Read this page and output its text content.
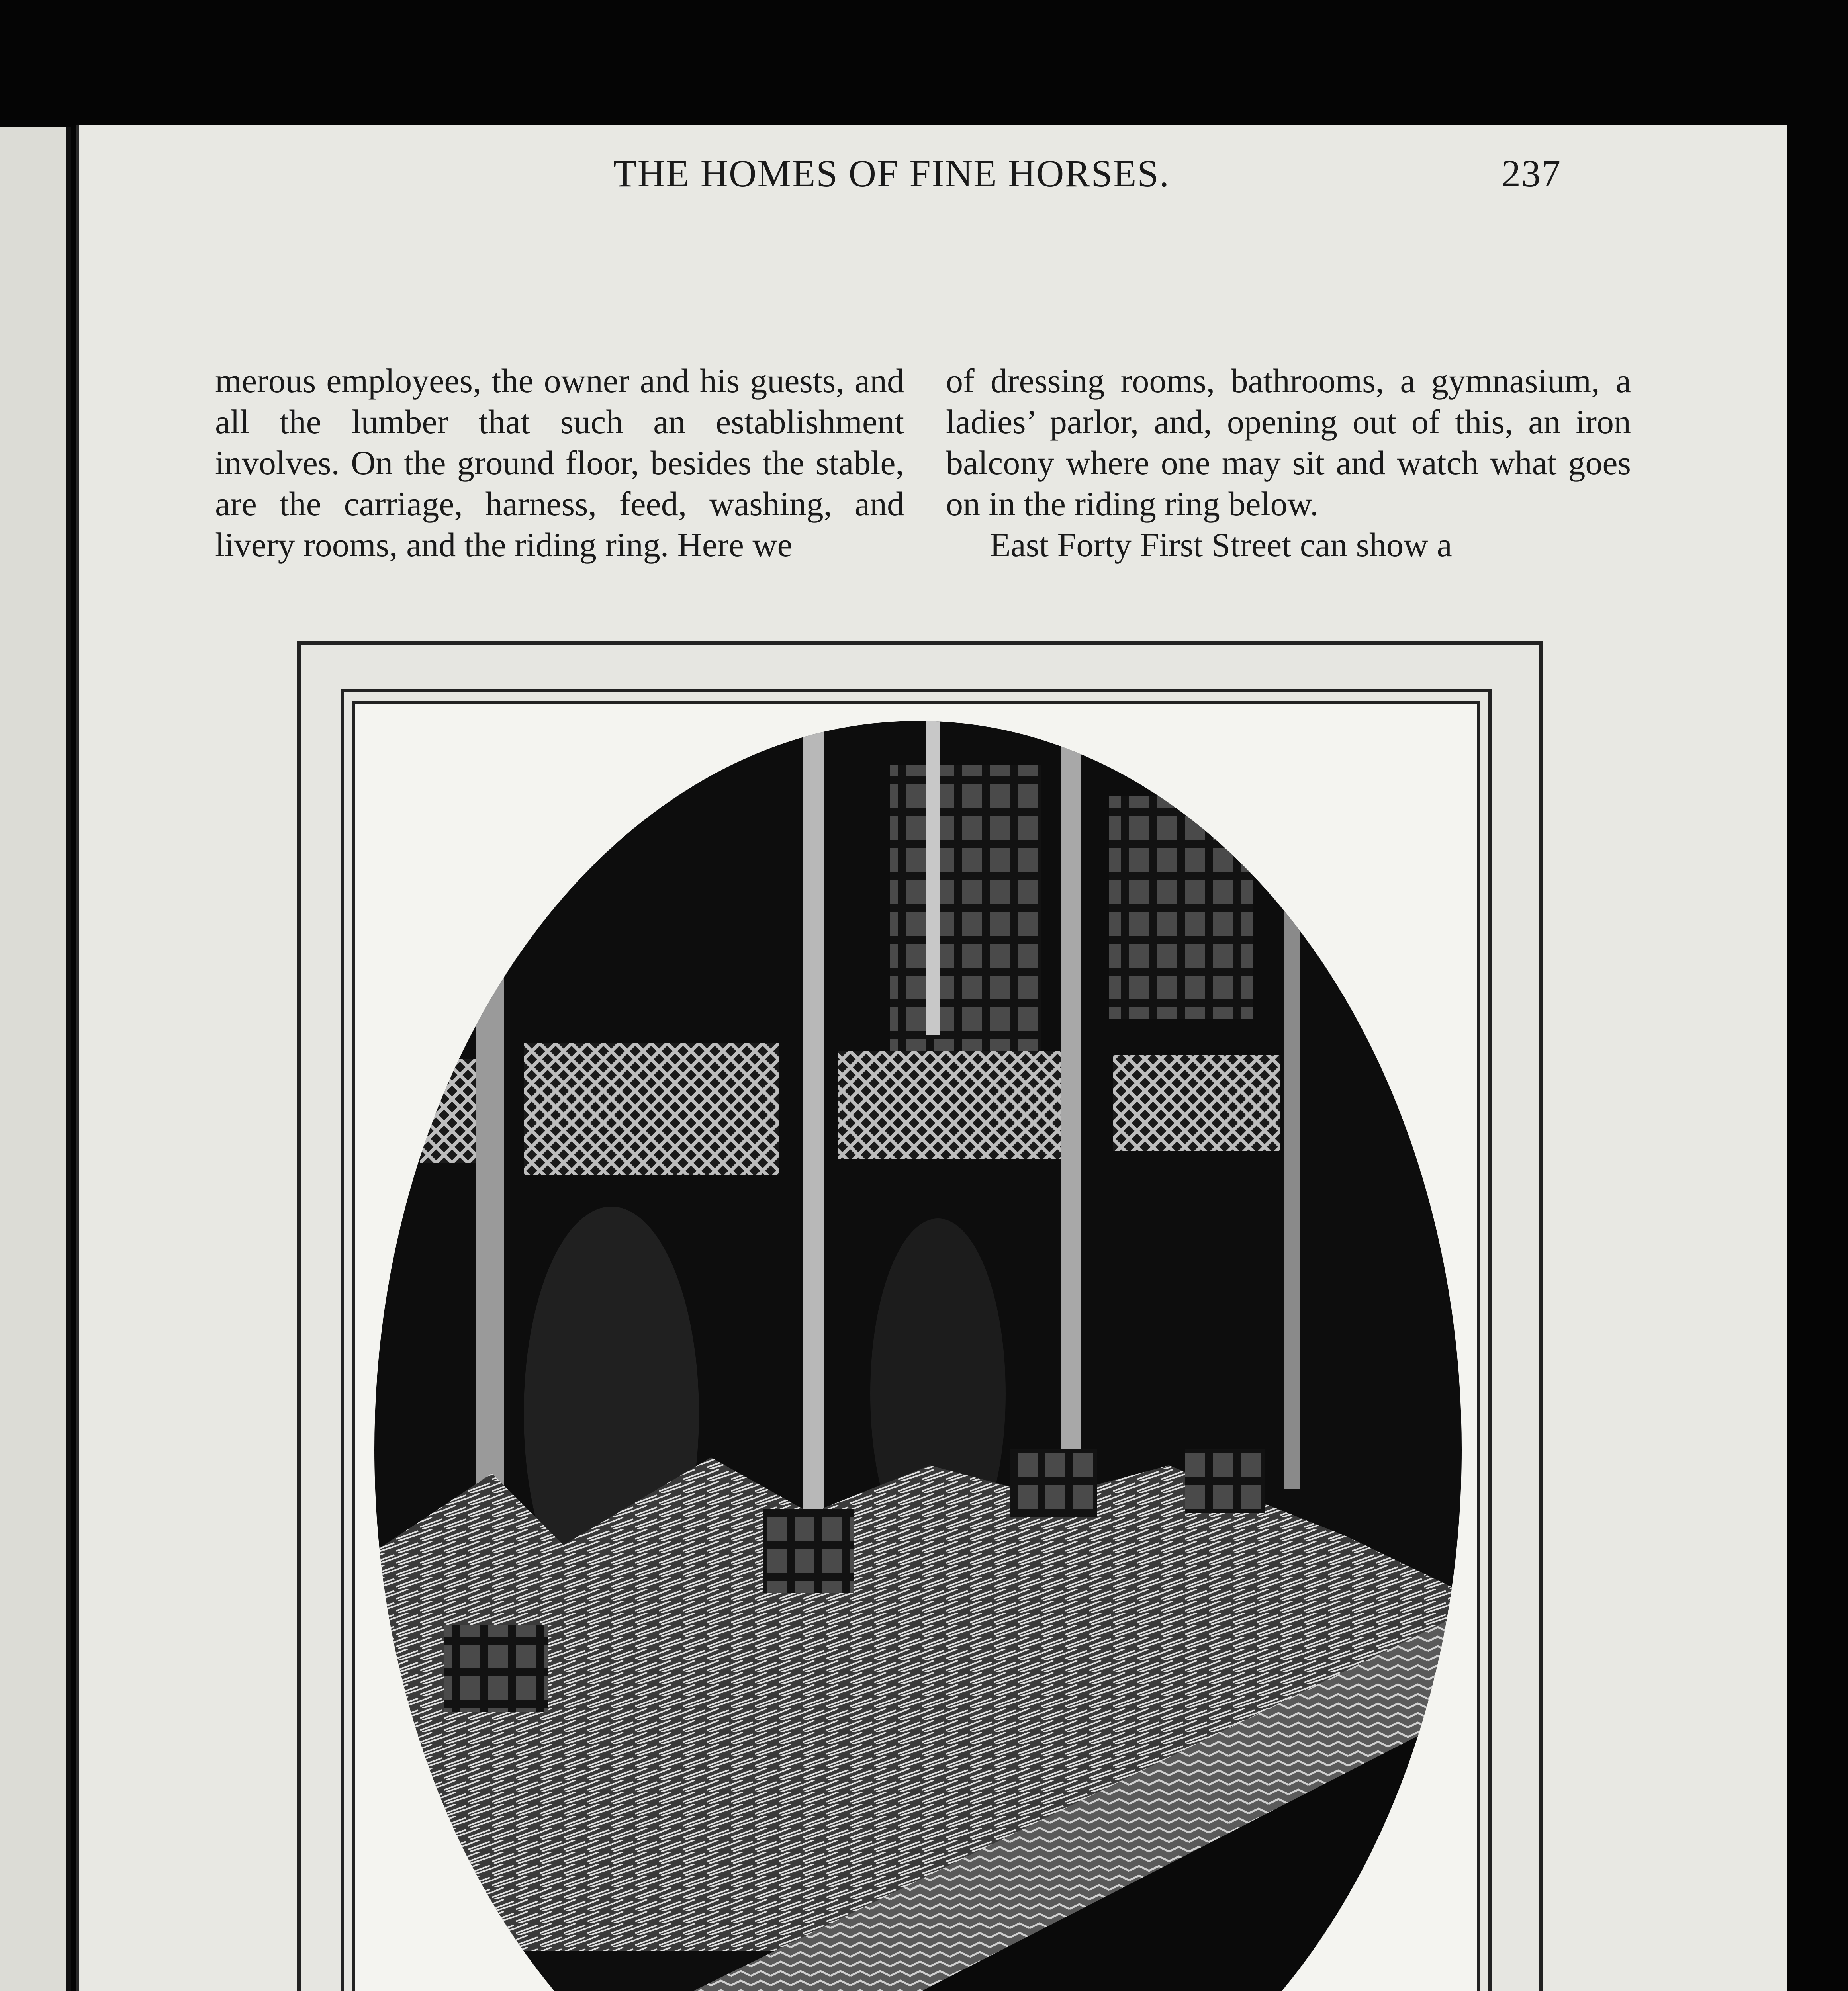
THE HOMES OF FINE HORSES.	237

merous employees, the owner and his guests, and all the lumber that such an establishment involves. On the ground floor, besides the stable, are the carriage, harness, feed, washing, and livery rooms, and the riding ring. Here we

of dressing rooms, bathrooms, a gymnasium, a ladies’ parlor, and, opening out of this, an iron balcony where one may sit and watch what goes on in the riding ring below.

East Forty First Street can show a
